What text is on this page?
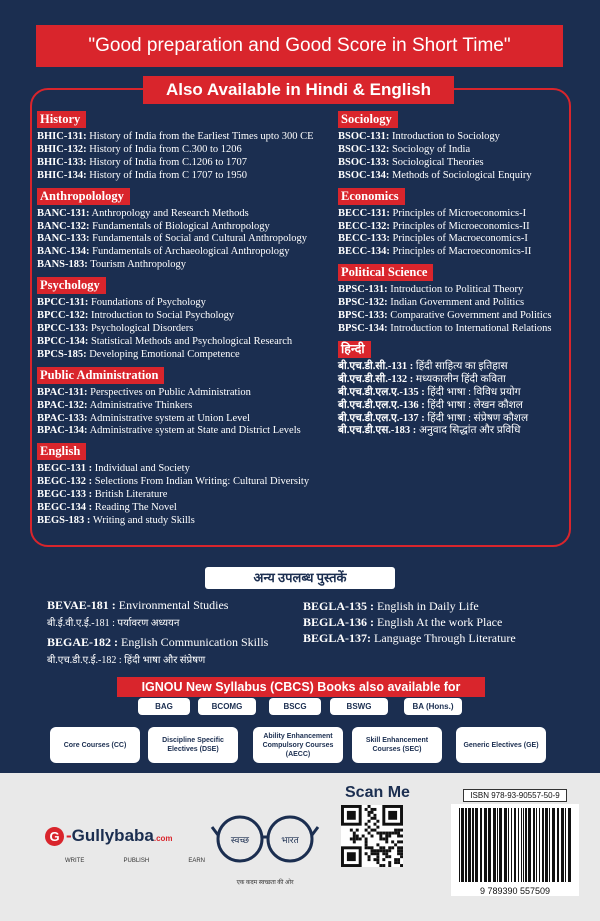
"Good preparation and Good Score in Short Time"
Also Available in Hindi & English
History
BHIC-131: History of India from the Earliest Times upto 300 CE
BHIC-132: History of India from C.300 to 1206
BHIC-133: History of India from C.1206 to 1707
BHIC-134: History of India from C 1707 to 1950
Anthropolology
BANC-131: Anthropology and Research Methods
BANC-132: Fundamentals of Biological Anthropology
BANC-133: Fundamentals of Social and Cultural Anthropology
BANC-134: Fundamentals of Archaeological Anthropology
BANS-183: Tourism Anthropology
Psychology
BPCC-131: Foundations of Psychology
BPCC-132: Introduction to Social Psychology
BPCC-133: Psychological Disorders
BPCC-134: Statistical Methods and Psychological Research
BPCS-185: Developing Emotional Competence
Public Administration
BPAC-131: Perspectives on Public Administration
BPAC-132: Administrative Thinkers
BPAC-133: Administrative system at Union Level
BPAC-134: Administrative system at State and District Levels
English
BEGC-131 : Individual and Society
BEGC-132 : Selections From Indian Writing: Cultural Diversity
BEGC-133 : British Literature
BEGC-134 : Reading The Novel
BEGS-183 : Writing and study Skills
Sociology
BSOC-131: Introduction to Sociology
BSOC-132: Sociology of India
BSOC-133: Sociological Theories
BSOC-134: Methods of Sociological Enquiry
Economics
BECC-131: Principles of Microeconomics-I
BECC-132: Principles of Microeconomics-II
BECC-133: Principles of Macroeconomics-I
BECC-134: Principles of Macroeconomics-II
Political Science
BPSC-131: Introduction to Political Theory
BPSC-132: Indian Government and Politics
BPSC-133: Comparative Government and Politics
BPSC-134: Introduction to International Relations
हिन्दी
बी.एच.डी.सी.-131 : हिंदी साहित्य का इतिहास
बी.एच.डी.सी.-132 : मध्यकालीन हिंदी कविता
बी.एच.डी.एल.ए.-135 : हिंदी भाषा : विविध प्रयोग
बी.एच.डी.एल.ए.-136 : हिंदी भाषा : लेखन कौशल
बी.एच.डी.एल.ए.-137 : हिंदी भाषा : संप्रेषण कौशल
बी.एच.डी.एस.-183 : अनुवाद सिद्धांत और प्रविधि
अन्य उपलब्ध पुस्तकें
BEVAE-181 : Environmental Studies
बी.ई.वी.ए.ई.-181 : पर्यावरण अध्ययन
BEGAE-182 : English Communication Skills
बी.एच.डी.ए.ई.-182 : हिंदी भाषा और संप्रेषण
BEGLA-135 : English in Daily Life
BEGLA-136 : English At the work Place
BEGLA-137: Language Through Literature
IGNOU New Syllabus (CBCS) Books also available for
BAG	BCOMG	BSCG	BSWG	BA (Hons.)
Core Courses (CC)
Discipline Specific Electives (DSE)
Ability Enhancement Compulsory Courses (AECC)
Skill Enhancement Courses (SEC)
Generic Electives (GE)
G -Gullybaba.com
WRITE	PUBLISH	EARN
स्वच्छ	भारत
एक कदम स्वच्छता की ओर
Scan Me	ISBN 978-93-90557-50-9
9 789390 557509
